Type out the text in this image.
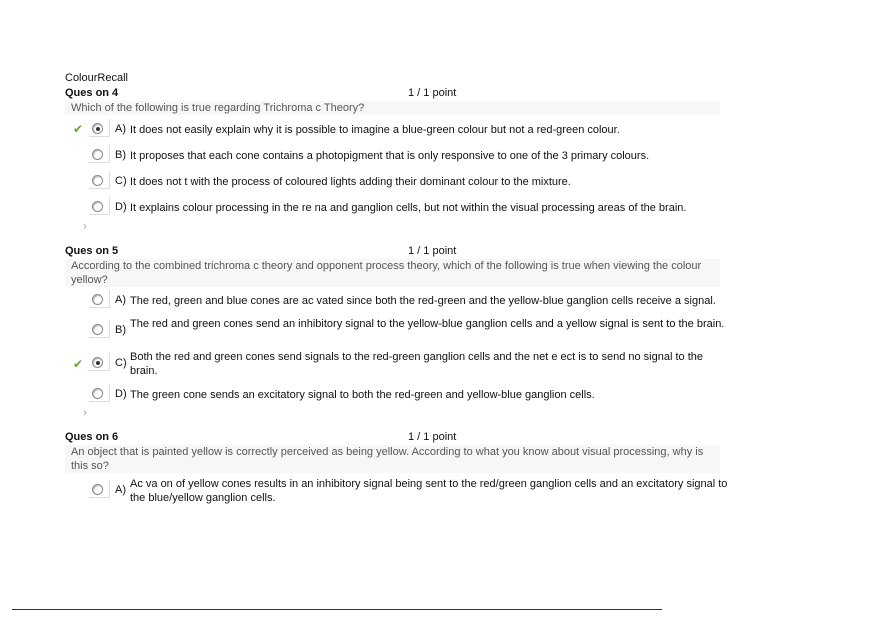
ColourRecall
Ques on 4	1 / 1 point
Which of the following is true regarding Trichroma c Theory?
✔	A) It does not easily explain why it is possible to imagine a blue-green colour but not a red-green colour.
B) It proposes that each cone contains a photopigment that is only responsive to one of the 3 primary colours.
C) It does not t with the process of coloured lights adding their dominant colour to the mixture.
D) It explains colour processing in the re na and ganglion cells, but not within the visual processing areas of the brain.
›
Ques on 5	1 / 1 point
According to the combined trichroma c theory and opponent process theory, which of the following is true when viewing the colour yellow?
A) The red, green and blue cones are ac vated since both the red-green and the yellow-blue ganglion cells receive a signal.
B) The red and green cones send an inhibitory signal to the yellow-blue ganglion cells and a yellow signal is sent to the brain.
✔	C) Both the red and green cones send signals to the red-green ganglion cells and the net e ect is to send no signal to the brain.
D) The green cone sends an excitatory signal to both the red-green and yellow-blue ganglion cells.
›
Ques on 6	1 / 1 point
An object that is painted yellow is correctly perceived as being yellow. According to what you know about visual processing, why is this so?
A) Ac va on of yellow cones results in an inhibitory signal being sent to the red/green ganglion cells and an excitatory signal to the blue/yellow ganglion cells.
